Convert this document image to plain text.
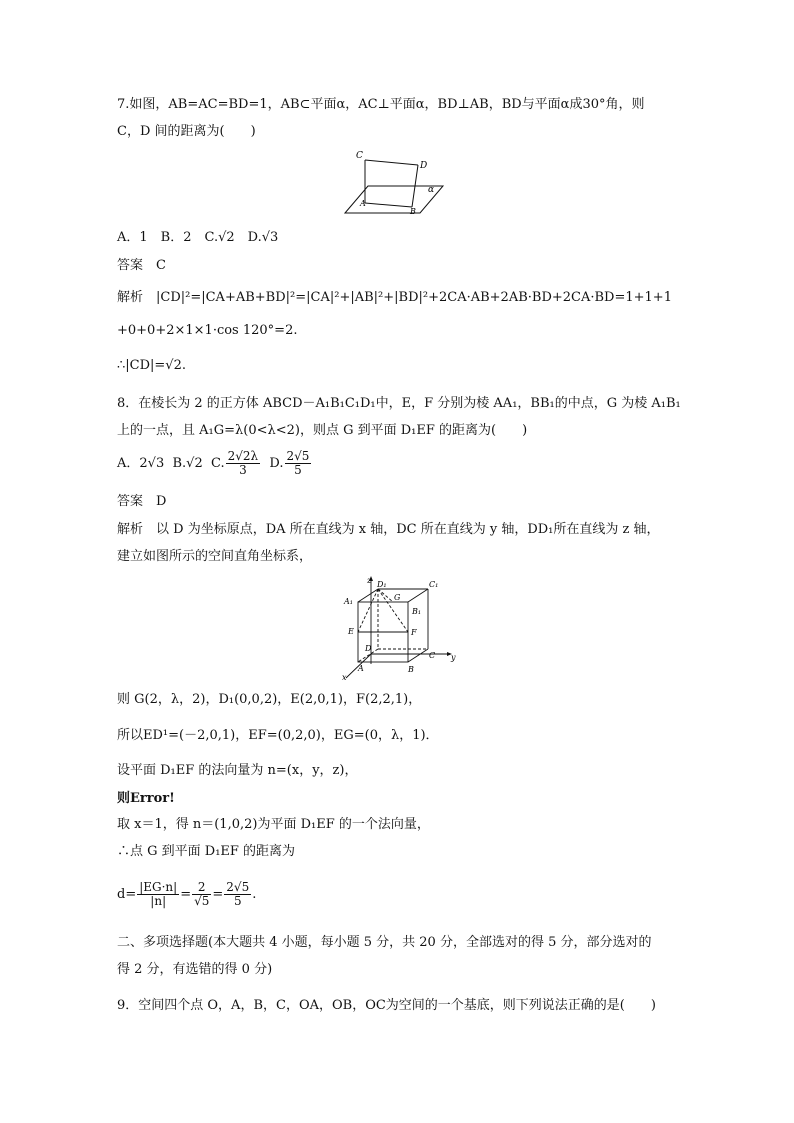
7.如图，AB=AC=BD=1，AB⊂平面α，AC⊥平面α，BD⊥AB，BD与平面α成30°角，则
C，D 间的距离为(　　)
C
D
A
B
α
A．1　B．2　C.√2　D.√3
答案　C
解析　|CD|²=|CA+AB+BD|²=|CA|²+|AB|²+|BD|²+2CA·AB+2AB·BD+2CA·BD=1+1+1
+0+0+2×1×1·cos 120°=2.
∴|CD|=√2.
8．在棱长为 2 的正方体 ABCD－A₁B₁C₁D₁中，E，F 分别为棱 AA₁，BB₁的中点，G 为棱 A₁B₁
上的一点，且 A₁G=λ(0<λ<2)，则点 G 到平面 D₁EF 的距离为(　　)
A．2√3 B.√2 C. $\frac{2√2\lambda}{3} D$. $\frac{2√5}{5}$
答案　D
解析　以 D 为坐标原点，DA 所在直线为 x 轴，DC 所在直线为 y 轴，DD₁所在直线为 z 轴，
建立如图所示的空间直角坐标系，
z
y
x
D₁	C₁
A₁	G
B₁
E	F
D
C
A	B
则 G(2，λ，2)，D₁(0,0,2)，E(2,0,1)，F(2,2,1)，
所以ED¹=(－2,0,1)，EF=(0,2,0)，EG=(0，λ，1)．
设平面 D₁EF 的法向量为 n=(x，y，z)，
则Error!
取 x＝1，得 n＝(1,0,2)为平面 D₁EF 的一个法向量，
∴点 G 到平面 D₁EF 的距离为
$d= \frac{|EG\cdot n|}{|n|} = \frac{2}{√5} = \frac{2√5}{5}$ .
二、多项选择题(本大题共 4 小题，每小题 5 分，共 20 分，全部选对的得 5 分，部分选对的
得 2 分，有选错的得 0 分)
9．空间四个点 O，A，B，C，OA，OB，OC为空间的一个基底，则下列说法正确的是(　　)
